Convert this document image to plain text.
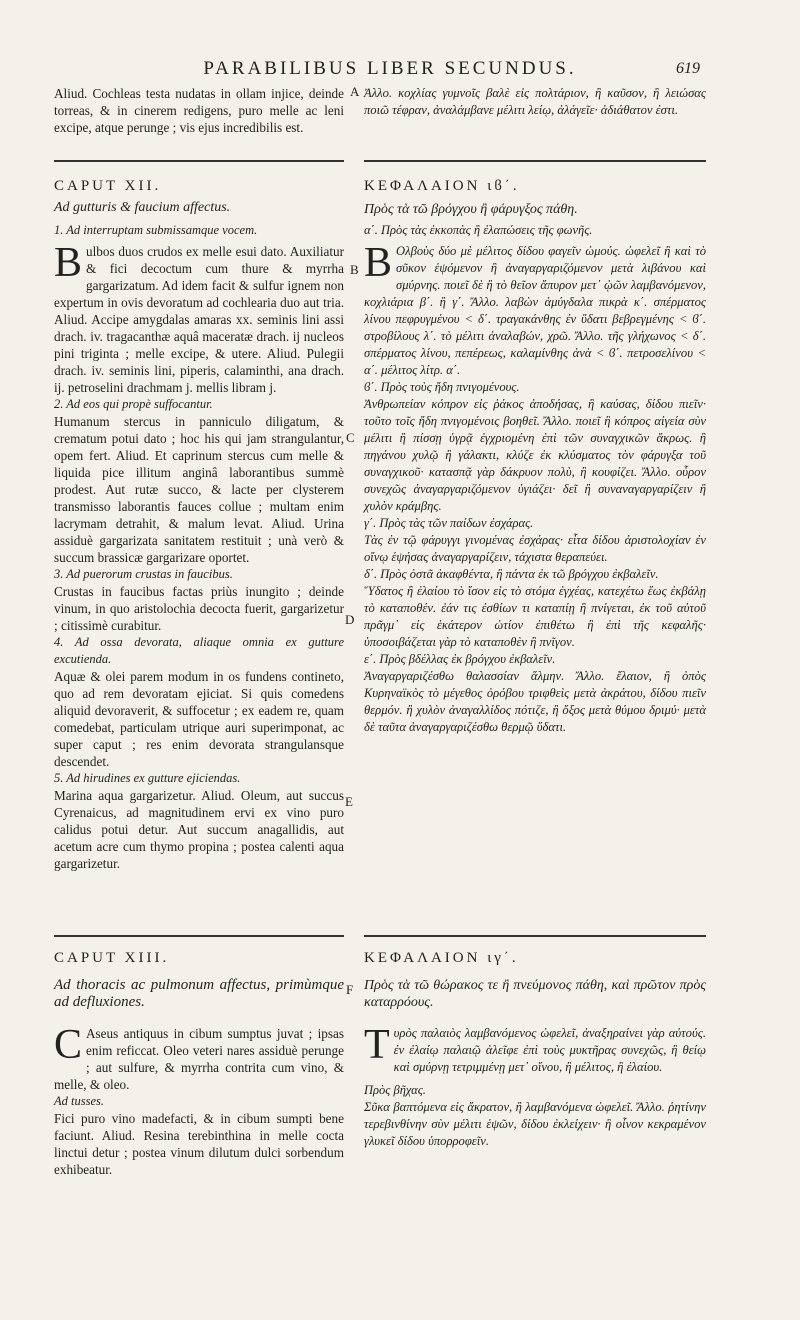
PARABILIBUS LIBER SECUNDUS.	619
A
B
C
D
E
F

Aliud. Cochleas testa nudatas in ollam injice, deinde torreas, & in cinerem redigens, puro melle ac leni excipe, atque perunge ; vis ejus incredibilis est.

CAPUT XII.

Ad gutturis & faucium affectus.

1. Ad interruptam submissamque vocem.

Bulbos duos crudos ex melle esui dato. Auxiliatur & fici decoctum cum thure & myrrha gargarizatum. Ad idem facit & sulfur ignem non expertum in ovis devoratum ad cochlearia duo aut tria. Aliud. Accipe amygdalas amaras xx. seminis lini assi drach. iv. tragacanthæ aquâ maceratæ drach. ij nucleos pini triginta ; melle excipe, & utere. Aliud. Pulegii drach. iv. seminis lini, piperis, calaminthi, ana drach. ij. petroselini drachmam j. mellis libram j.

2. Ad eos qui propè suffocantur.

Humanum stercus in panniculo diligatum, & crematum potui dato ; hoc his qui jam strangulantur, opem fert. Aliud. Et caprinum stercus cum melle & liquida pice illitum anginâ laborantibus summè prodest. Aut rutæ succo, & lacte per clysterem transmisso laborantis fauces collue ; multam enim lacrymam detrahit, & malum levat. Aliud. Urina assiduè gargarizata sanitatem restituit ; unà verò & succum brassicæ gargarizare oportet.

3. Ad puerorum crustas in faucibus.

Crustas in faucibus factas priùs inungito ; deinde vinum, in quo aristolochia decocta fuerit, gargarizetur ; citissimè curabitur.

4. Ad ossa devorata, aliaque omnia ex gutture excutienda.

Aquæ & olei parem modum in os fundens contineto, quo ad rem devoratam ejiciat. Si quis comedens aliquid devoraverit, & suffocetur ; ex eadem re, quam comedebat, particulam utrique auri superimponat, ac super caput ; res enim devorata strangulansque descendet.

5. Ad hirudines ex gutture ejiciendas.

Marina aqua gargarizetur. Aliud. Oleum, aut succus Cyrenaicus, ad magnitudinem ervi ex vino puro calidus potui detur. Aut succum anagallidis, aut acetum acre cum thymo propina ; postea calenti aqua gargarizetur.

CAPUT XIII.

Ad thoracis ac pulmonum affectus, primùmque ad defluxiones.

C Aseus antiquus in cibum sumptus juvat ; ipsas enim reficcat. Oleo veteri nares assiduè perunge ; aut sulfure, & myrrha contrita cum vino, & melle, & oleo.

Ad tusses.

Fici puro vino madefacti, & in cibum sumpti bene faciunt. Aliud. Resina terebinthina in melle cocta linctui detur ; postea vinum dilutum dulci sorbendum exhibeatur.

Ἀλλο. κοχλίας γυμνοῖς βαλὲ εἰς πολτάριον, ἢ καῦσον, ἢ λειώσας ποιῶ τέφραν, ἀναλάμβανε μέλιτι λείῳ, ἀλάγεῖε· ἀδιάθατον ἐστι.

ΚΕΦΑΛΑΙΟΝ ιϐ΄.

Πρὸς τὰ τῶ βρόγχου ἢ φάρυγξος πάθη.

α΄. Πρὸς τὰς ἐκκοπὰς ἢ ἐλαπώσεις τῆς φωνῆς.

B Ολβοὺς δύο μὲ μέλιτος δίδου φαγεῖν ὠμούς. ὠφελεῖ ἢ καὶ τὸ σῦκον ἑψόμενον ἢ ἀναγαργαριζόμενον μετὰ λιβάνου καὶ σμύρνης. ποιεῖ δὲ ἢ τὸ θεῖον ἄπυρον μετ᾽ ᾠῶν λαμβανόμενον, κοχλιάρια β΄. ἢ γ΄. Ἄλλο. λαβὼν ἀμύγδαλα πικρὰ κ΄. σπέρματος λίνου πεφρυγμένου < δ΄. τραγακάνθης ἐν ὕδατι βεβρεγμένης < ϐ΄. στροβίλους λ΄. τὸ μέλιτι ἀναλαβών, χρῶ. Ἄλλο. τῆς γλήχωνος < δ΄. σπέρματος λίνου, πεπέρεως, καλαμίνθης ἀνὰ < ϐ΄. πετροσελίνου < α΄. μέλιτος λίτρ. α΄.

ϐ΄. Πρὸς τοὺς ἤδη πνιγομένους.

Ἀνθρωπείαν κόπρον εἰς ῥάκος ἀποδήσας, ἢ καύσας, δίδου πιεῖν· τοῦτο τοῖς ἤδη πνιγομένοις βοηθεῖ. Ἄλλο. ποιεῖ ἢ κόπρος αἰγεία σὺν μέλιτι ἢ πίσσῃ ὑγρᾷ ἐγχριομένη ἐπὶ τῶν συναγχικῶν ἄκρως. ἢ πηγάνου χυλῷ ἢ γάλακτι, κλύζε ἐκ κλύσματος τὸν φάρυγξα τοῦ συναγχικοῦ· κατασπᾷ γὰρ δάκρυον πολὺ, ἢ κουφίζει. Ἄλλο. οὖρον συνεχῶς ἀναγαργαριζόμενον ὑγιάζει· δεῖ ἢ συναναγαργαρίζειν ἢ χυλὸν κράμβης.

γ΄. Πρὸς τὰς τῶν παίδων ἐσχάρας.

Τὰς ἐν τῷ φάρυγγι γινομένας ἐσχάρας· εἶτα δίδου ἀριστολοχίαν ἐν οἴνῳ ἑψήσας ἀναγαργαρίζειν, τάχιστα θεραπεύει.

δ΄. Πρὸς ὀστᾶ ἀκαφθέντα, ἢ πάντα ἐκ τῶ βρόγχου ἐκβαλεῖν.

Ὕδατος ἢ ἐλαίου τὸ ἴσον εἰς τὸ στόμα ἐγχέας, κατεχέτω ἕως ἐκβάλῃ τὸ καταποθέν. ἐάν τις ἐσθίων τι καταπίῃ ἢ πνίγεται, ἐκ τοῦ αὐτοῦ πρᾶγμ᾽ εἰς ἑκάτερον ὠτίον ἐπιθέτω ἢ ἐπὶ τῆς κεφαλῆς· ὑποσοιβάζεται γὰρ τὸ καταποθὲν ἢ πνῖγον.

ε΄. Πρὸς βδέλλας ἐκ βρόγχου ἐκβαλεῖν.

Ἀναγαργαριζέσθω θαλασσίαν ἅλμην. Ἄλλο. ἔλαιον, ἢ ὀπὸς Κυρηναϊκὸς τὸ μέγεθος ὀρόβου τριφθεὶς μετὰ ἀκράτου, δίδου πιεῖν θερμόν. ἢ χυλὸν ἀναγαλλίδος πότιζε, ἢ ὄξος μετὰ θύμου δριμύ· μετὰ δὲ ταῦτα ἀναγαργαριζέσθω θερμῷ ὕδατι.

ΚΕΦΑΛΑΙΟΝ ιγ΄.

Πρὸς τὰ τῶ θώρακος τε ἢ πνεύμονος πάθη, καὶ πρῶτον πρὸς καταρρόους.

Τυρὸς παλαιὸς λαμβανόμενος ὠφελεῖ, ἀναξηραίνει γὰρ αὐτούς. ἐν ἐλαίῳ παλαιῷ ἀλεῖφε ἐπὶ τοὺς μυκτῆρας συνεχῶς, ἢ θείῳ καὶ σμύρνῃ τετριμμένῃ μετ᾽ οἴνου, ἢ μέλιτος, ἢ ἐλαίου.

Πρὸς βῆχας.

Σῦκα βαπτόμενα εἰς ἄκρατον, ἢ λαμβανόμενα ὠφελεῖ. Ἄλλο. ῥητίνην τερεβινθίνην σὺν μέλιτι ἑψῶν, δίδου ἐκλείχειν· ἢ οἶνον κεκραμένον γλυκεῖ δίδου ὑπορροφεῖν.
